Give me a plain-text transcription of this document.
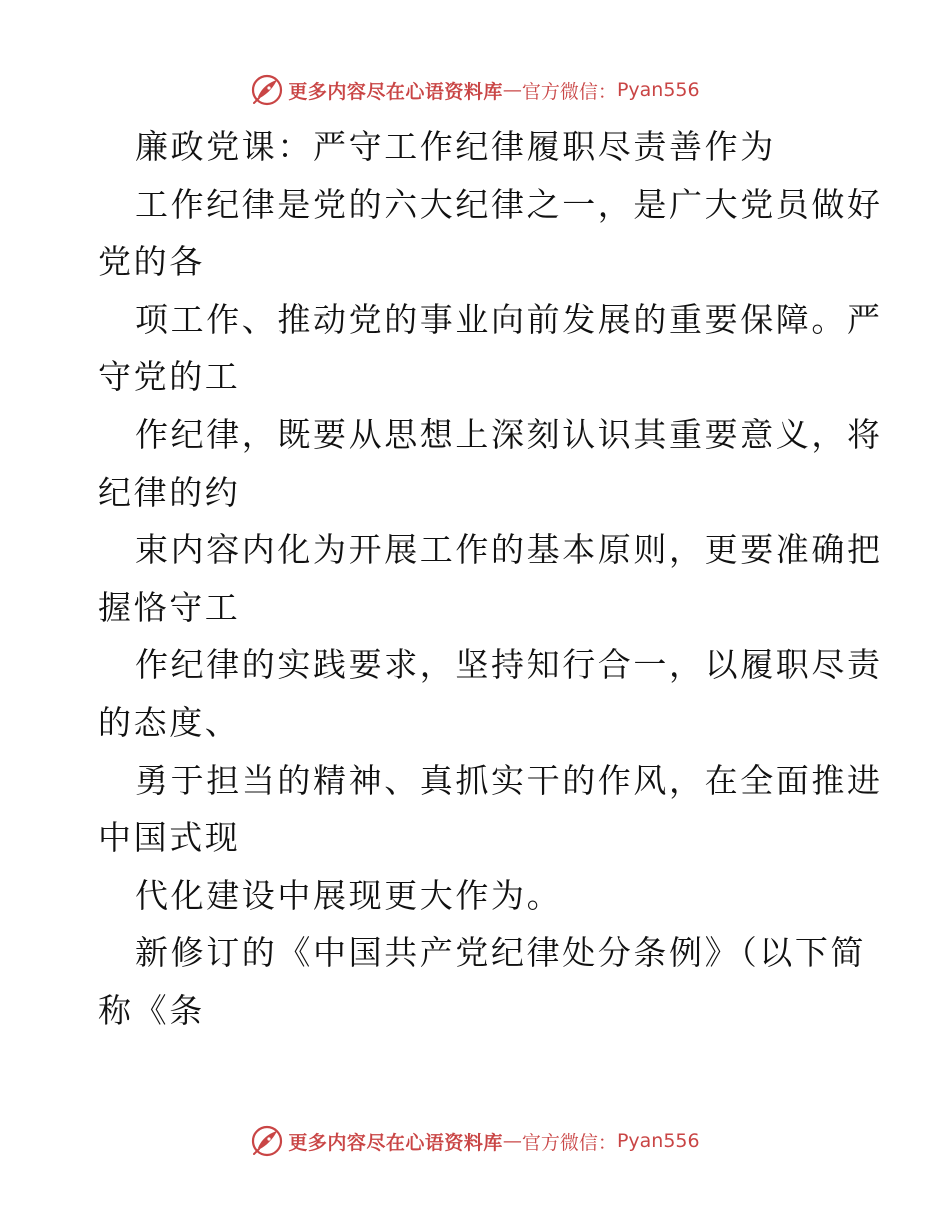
更多内容尽在心语资料库 — 官方微信： Pyan556
廉政党课：严守工作纪律履职尽责善作为
工作纪律是党的六大纪律之一，是广大党员做好
党的各
项工作、推动党的事业向前发展的重要保障。严
守党的工
作纪律，既要从思想上深刻认识其重要意义，将
纪律的约
束内容内化为开展工作的基本原则，更要准确把
握恪守工
作纪律的实践要求，坚持知行合一，以履职尽责
的态度、
勇于担当的精神、真抓实干的作风，在全面推进
中国式现
代化建设中展现更大作为。
新修订的《中国共产党纪律处分条例》（以下简
称《条
更多内容尽在心语资料库 — 官方微信： Pyan556
